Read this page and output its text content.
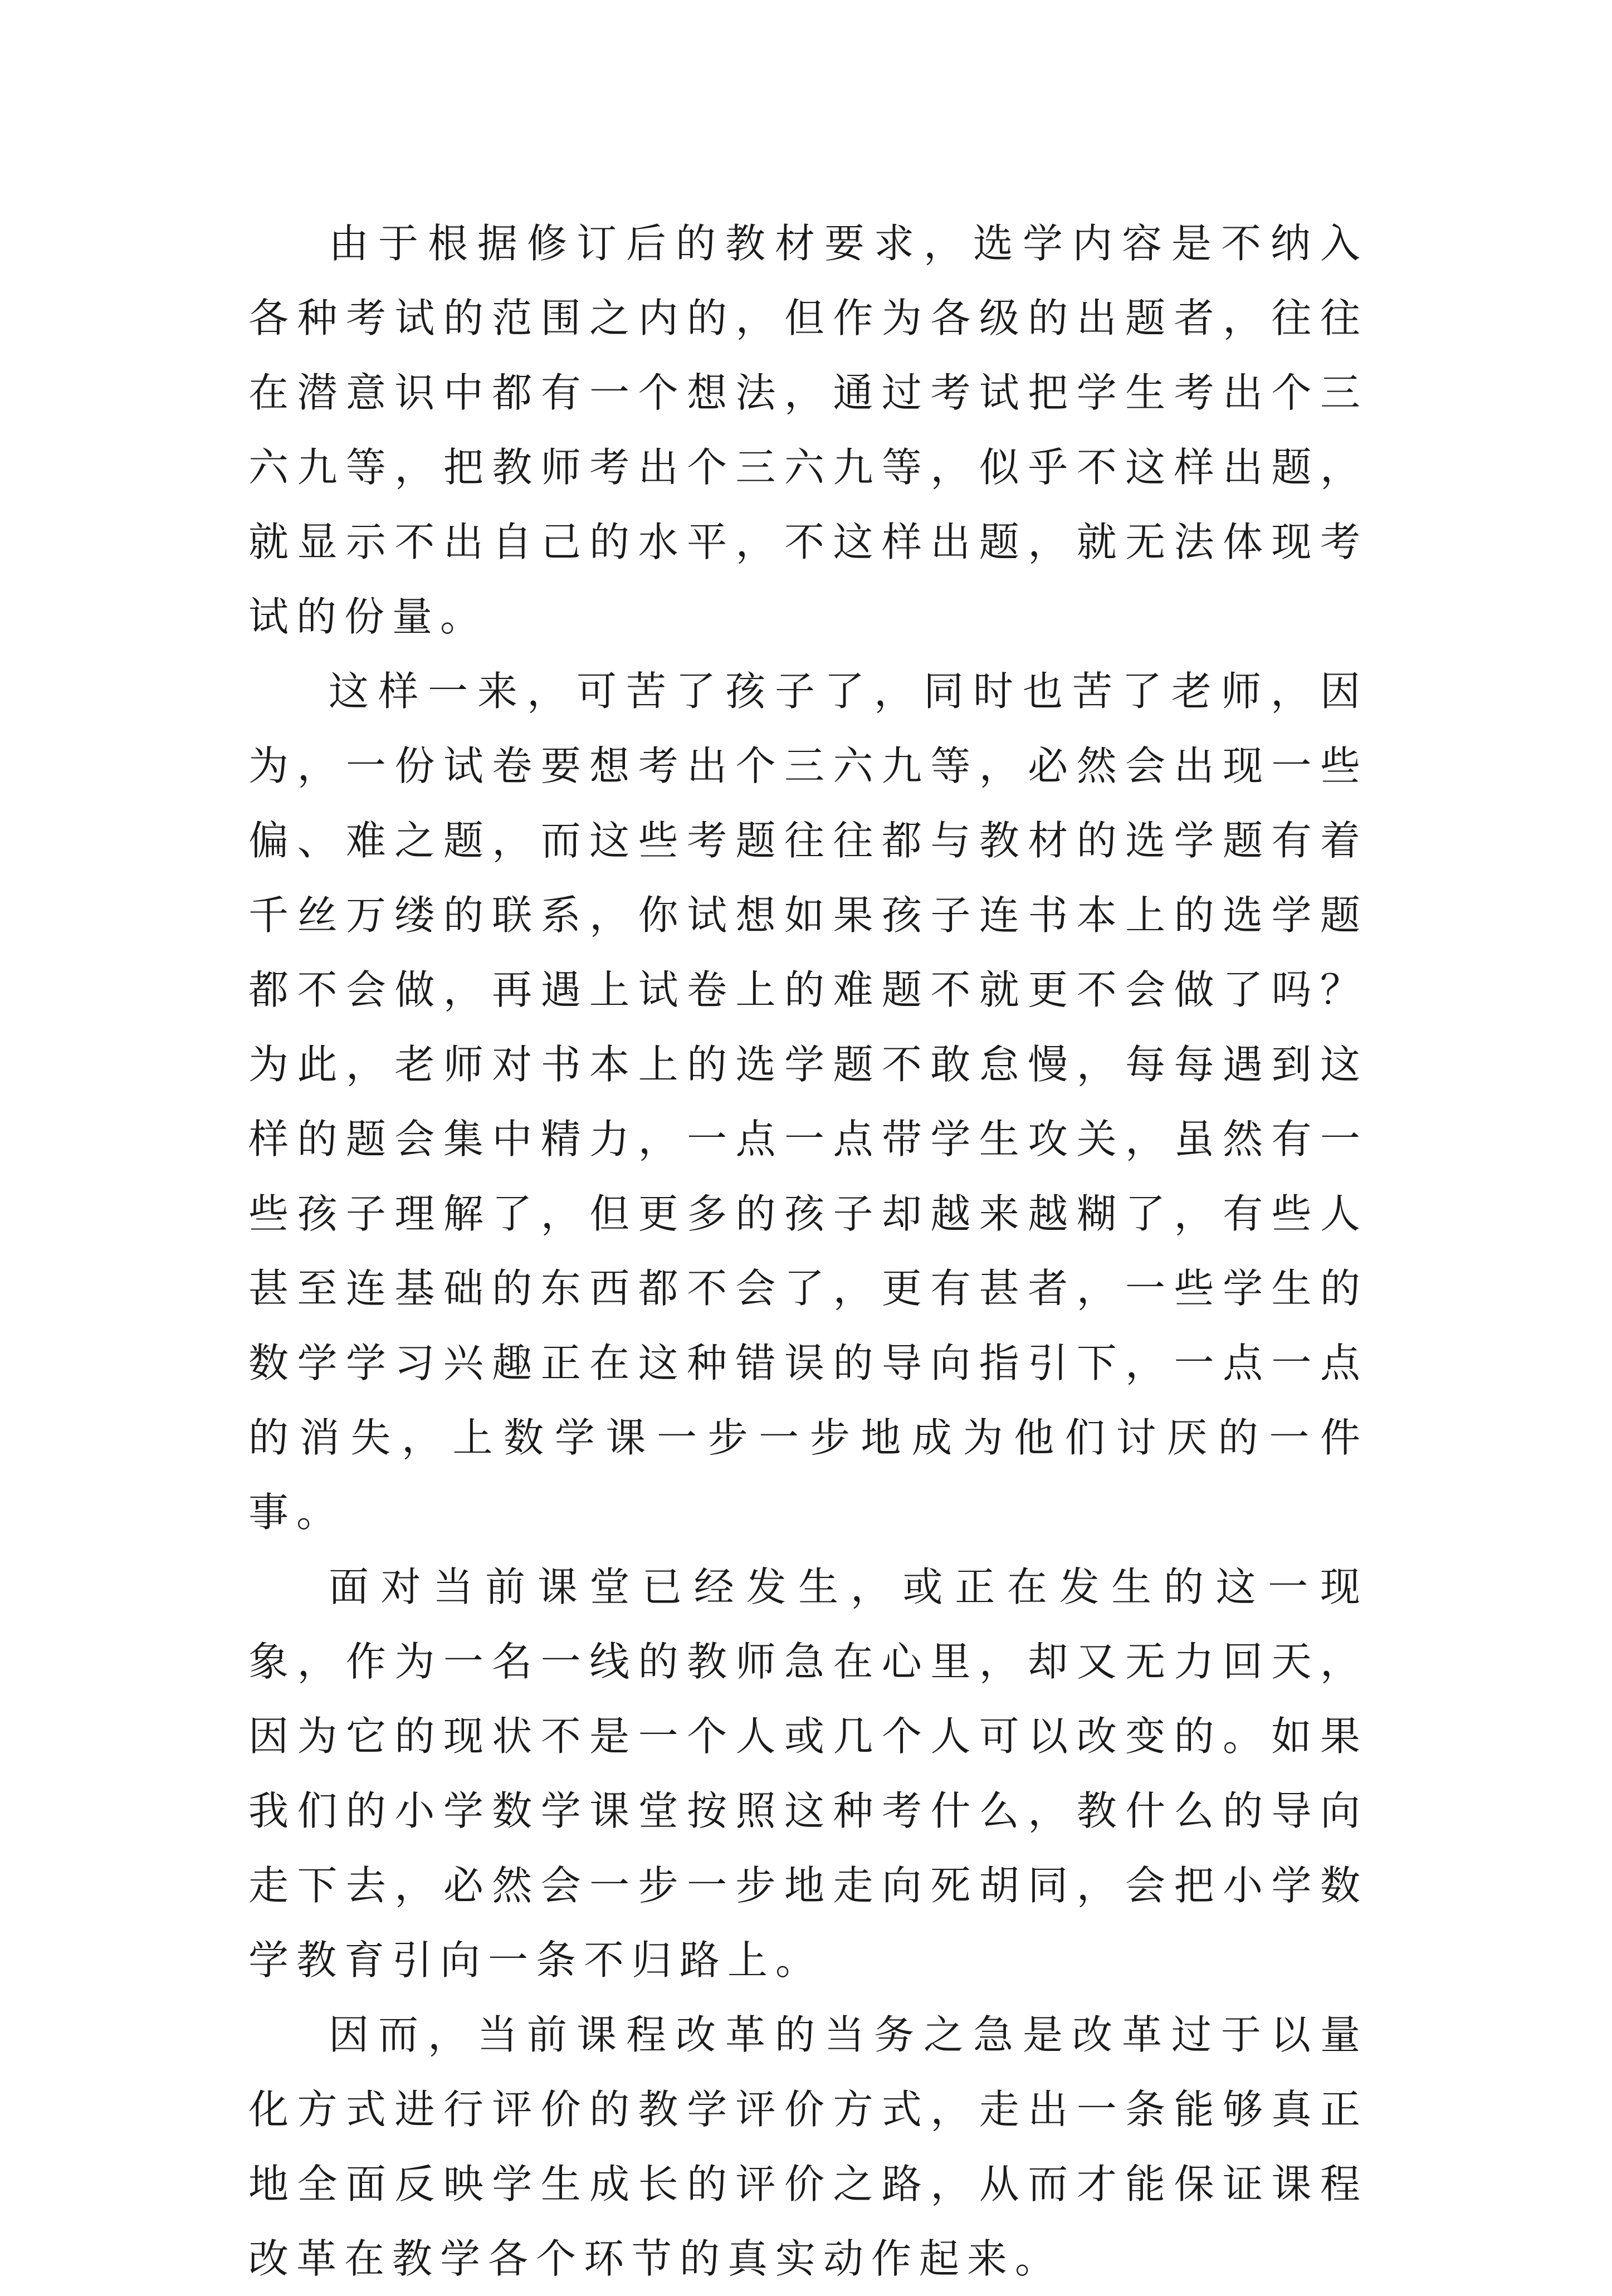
由于根据修订后的教材要求，选学内容是不纳入各种考试的范围之内的，但作为各级的出题者，往往在潜意识中都有一个想法，通过考试把学生考出个三六九等，把教师考出个三六九等，似乎不这样出题，就显示不出自己的水平，不这样出题，就无法体现考试的份量。

这样一来，可苦了孩子了，同时也苦了老师，因为，一份试卷要想考出个三六九等，必然会出现一些偏、难之题，而这些考题往往都与教材的选学题有着千丝万缕的联系，你试想如果孩子连书本上的选学题都不会做，再遇上试卷上的难题不就更不会做了吗？为此，老师对书本上的选学题不敢怠慢，每每遇到这样的题会集中精力，一点一点带学生攻关，虽然有一些孩子理解了，但更多的孩子却越来越糊了，有些人甚至连基础的东西都不会了，更有甚者，一些学生的数学学习兴趣正在这种错误的导向指引下，一点一点的消失，上数学课一步一步地成为他们讨厌的一件事。

面对当前课堂已经发生，或正在发生的这一现象，作为一名一线的教师急在心里，却又无力回天，因为它的现状不是一个人或几个人可以改变的。如果我们的小学数学课堂按照这种考什么，教什么的导向走下去，必然会一步一步地走向死胡同，会把小学数学教育引向一条不归路上。

因而，当前课程改革的当务之急是改革过于以量化方式进行评价的教学评价方式，走出一条能够真正地全面反映学生成长的评价之路，从而才能保证课程改革在教学各个环节的真实动作起来。
